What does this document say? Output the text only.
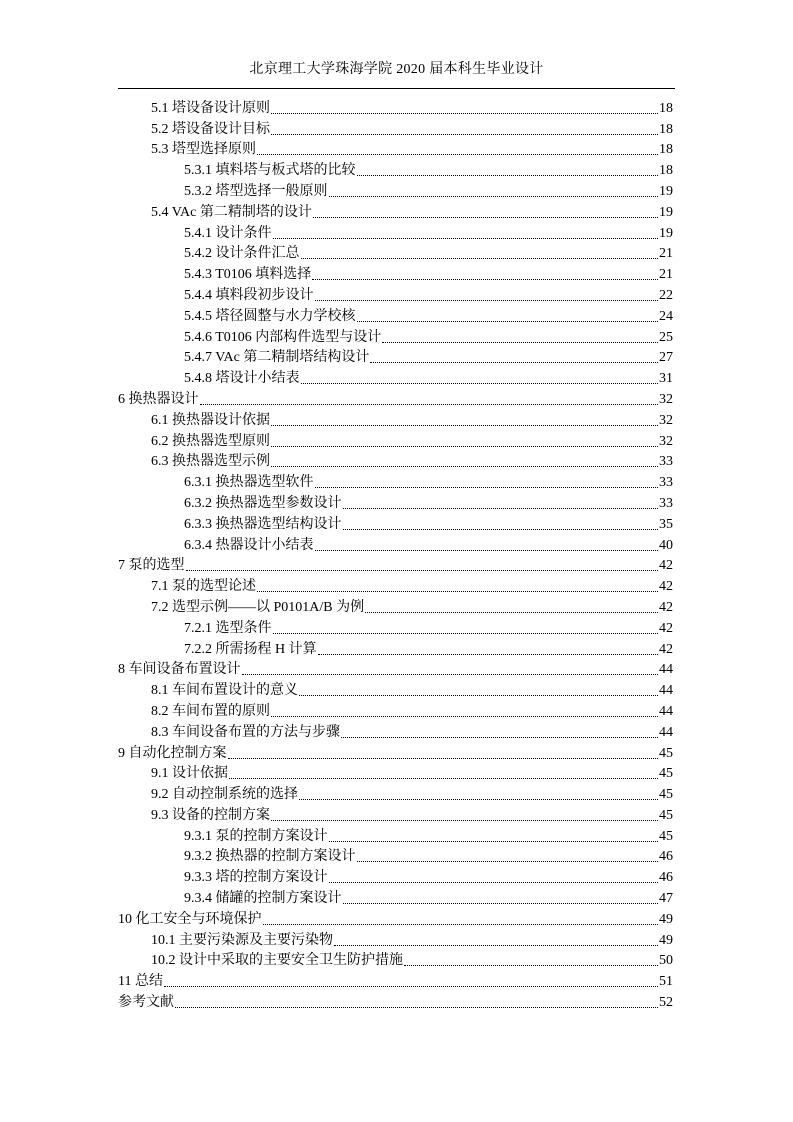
北京理工大学珠海学院 2020 届本科生毕业设计
5.1 塔设备设计原则	18
5.2 塔设备设计目标	18
5.3 塔型选择原则	18
5.3.1 填料塔与板式塔的比较	18
5.3.2 塔型选择一般原则	19
5.4 VAc 第二精制塔的设计	19
5.4.1 设计条件	19
5.4.2 设计条件汇总	21
5.4.3 T0106 填料选择	21
5.4.4 填料段初步设计	22
5.4.5 塔径圆整与水力学校核	24
5.4.6 T0106 内部构件选型与设计	25
5.4.7 VAc 第二精制塔结构设计	27
5.4.8 塔设计小结表	31
6 换热器设计	32
6.1 换热器设计依据	32
6.2 换热器选型原则	32
6.3 换热器选型示例	33
6.3.1 换热器选型软件	33
6.3.2 换热器选型参数设计	33
6.3.3 换热器选型结构设计	35
6.3.4 热器设计小结表	40
7 泵的选型	42
7.1 泵的选型论述	42
7.2 选型示例——以 P0101A/B 为例	42
7.2.1 选型条件	42
7.2.2 所需扬程 H 计算	42
8 车间设备布置设计	44
8.1 车间布置设计的意义	44
8.2 车间布置的原则	44
8.3 车间设备布置的方法与步骤	44
9 自动化控制方案	45
9.1 设计依据	45
9.2 自动控制系统的选择	45
9.3 设备的控制方案	45
9.3.1 泵的控制方案设计	45
9.3.2 换热器的控制方案设计	46
9.3.3 塔的控制方案设计	46
9.3.4 储罐的控制方案设计	47
10 化工安全与环境保护	49
10.1 主要污染源及主要污染物	49
10.2 设计中采取的主要安全卫生防护措施	50
11 总结	51
参考文献	52
